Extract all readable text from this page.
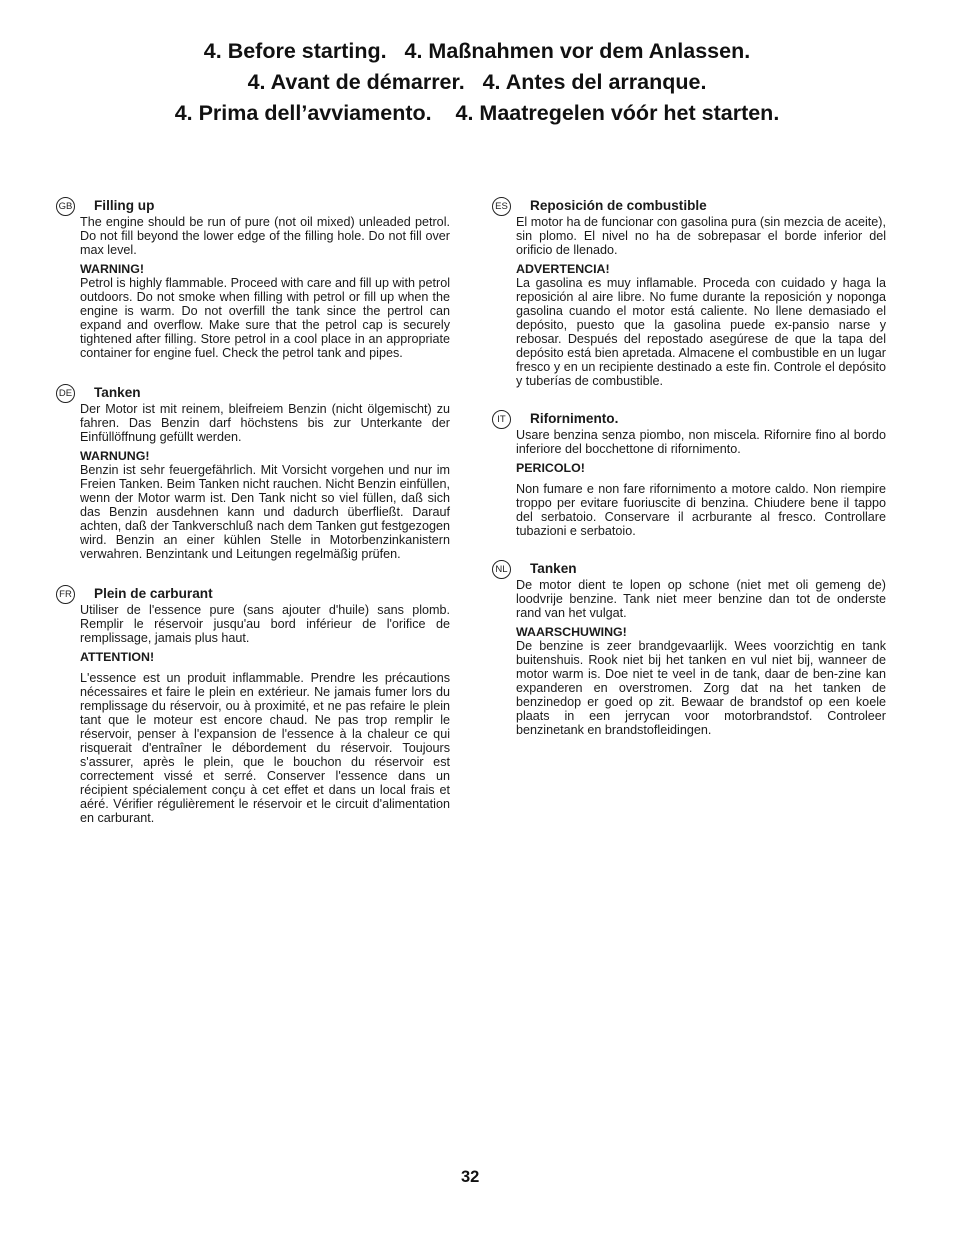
4. Before starting.   4. Maßnahmen vor dem Anlassen.
4. Avant de démarrer.   4. Antes del arranque.
4. Prima dell’avviamento.    4. Maatregelen vóór het starten.
GB Filling up

The engine should be run of pure (not oil mixed) unleaded petrol. Do not fill beyond the lower edge of the filling hole. Do not fill over max level.

WARNING!

Petrol is highly flammable. Proceed with care and fill up with petrol outdoors. Do not smoke when filling with petrol or fill up when the engine is warm. Do not overfill the tank since the pertrol can expand and overflow. Make sure that the petrol cap is securely tightened after filling. Store petrol in a cool place in an appropriate container for engine fuel. Check the petrol tank and pipes.

DE Tanken

Der Motor ist mit reinem, bleifreiem Benzin (nicht ölgemischt) zu fahren. Das Benzin darf höchstens bis zur Unterkante der Einfüllöffnung gefüllt werden.

WARNUNG!

Benzin ist sehr feuergefährlich. Mit Vorsicht vorgehen und nur im Freien Tanken. Beim Tanken nicht rauchen. Nicht Benzin einfüllen, wenn der Motor warm ist. Den Tank nicht so viel füllen, daß sich das Benzin ausdehnen kann und dadurch überfließt. Darauf achten, daß der Tankverschluß nach dem Tanken gut festgezogen wird. Benzin an einer kühlen Stelle in Motorbenzinkanistern verwahren. Benzintank und Leitungen regelmäßig prüfen.

FR Plein de carburant

Utiliser de l'essence pure (sans ajouter d'huile) sans plomb. Remplir le réservoir jusqu'au bord inférieur de l'orifice de remplissage, jamais plus haut.

ATTENTION!

L'essence est un produit inflammable. Prendre les précautions nécessaires et faire le plein en extérieur. Ne jamais fumer lors du remplissage du réservoir, ou à proximité, et ne pas refaire le plein tant que le moteur est encore chaud. Ne pas trop remplir le réservoir, penser à l'expansion de l'essence à la chaleur ce qui risquerait d'entraîner le débordement du réservoir. Toujours s'assurer, après le plein, que le bouchon du réservoir est correctement vissé et serré. Conserver l'essence dans un récipient spécialement conçu à cet effet et dans un local frais et aéré. Vérifier régulièrement le réservoir et le circuit d'alimentation en carburant.

ES Reposición de combustible

El motor ha de funcionar con gasolina pura (sin mezcia de aceite), sin plomo. El nivel no ha de sobrepasar el borde inferior del orificio de llenado.

ADVERTENCIA!

La gasolina es muy inflamable. Proceda con cuidado y haga la reposición al aire libre. No fume durante la reposición y noponga gasolina cuando el motor está caliente. No llene demasiado el depósito, puesto que la gasolina puede ex-pansio narse y rebosar. Después del repostado asegúrese de que la tapa del depósito está bien apretada. Almacene el combustible en un lugar fresco y en un recipiente destinado a este fin. Controle el depósito y tuberías de combustible.

IT	Rifornimento.

Usare benzina senza piombo, non miscela. Rifornire fino al bordo inferiore del bocchettone di rifornimento.

PERICOLO!

Non fumare e non fare rifornimento a motore caldo. Non riempire troppo per evitare fuoriuscite di benzina. Chiudere bene il tappo del serbatoio. Conservare il acrburante al fresco. Controllare tubazioni e serbatoio.

NL Tanken

De motor dient te lopen op schone (niet met oli gemeng de) loodvrije benzine. Tank niet meer benzine dan tot de onderste rand van het vulgat.

WAARSCHUWING!

De benzine is zeer brandgevaarlijk. Wees voorzichtig en tank buitenshuis. Rook niet bij het tanken en vul niet bij, wanneer de motor warm is. Doe niet te veel in de tank, daar de ben-zine kan expanderen en overstromen. Zorg dat na het tanken de benzinedop er goed op zit. Bewaar de brandstof op een koele plaats in een jerrycan voor motorbrandstof. Controleer benzinetank en brandstofleidingen.

32
